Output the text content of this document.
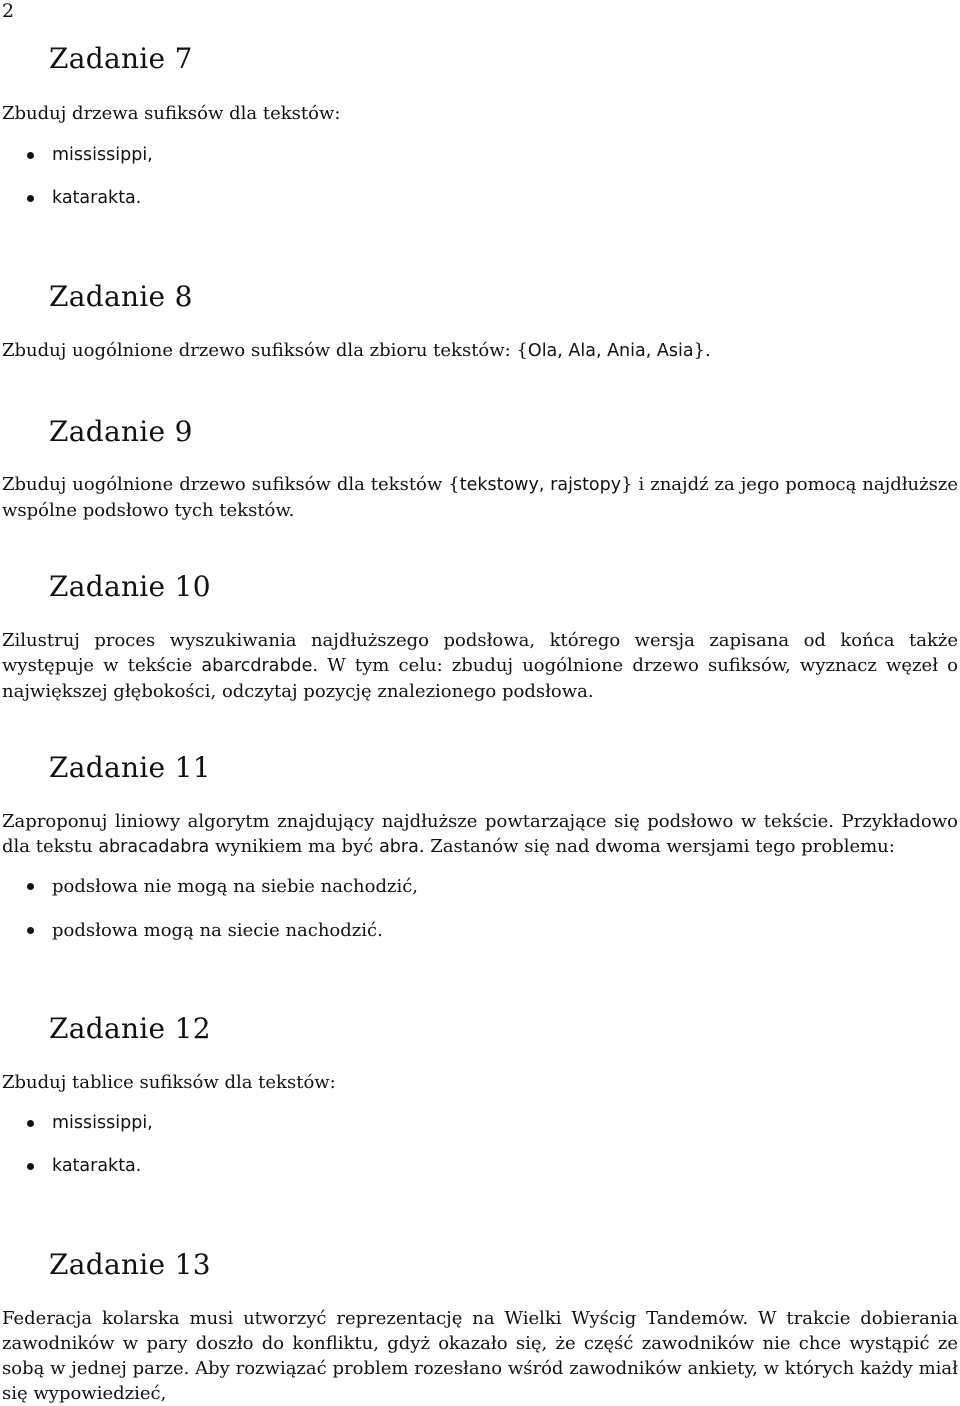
2
Zadanie 7
Zbuduj drzewa sufiksów dla tekstów:
mississippi,
katarakta.
Zadanie 8
Zbuduj uogólnione drzewo sufiksów dla zbioru tekstów: {Ola, Ala, Ania, Asia}.
Zadanie 9
Zbuduj uogólnione drzewo sufiksów dla tekstów {tekstowy, rajstopy} i znajdź za jego pomocą najdłuższe wspólne podsłowo tych tekstów.
Zadanie 10
Zilustruj proces wyszukiwania najdłuższego podsłowa, którego wersja zapisana od końca także występuje w tekście abarcdrabde. W tym celu: zbuduj uogólnione drzewo sufiksów, wyznacz węzeł o największej głębokości, odczytaj pozycję znalezionego podsłowa.
Zadanie 11
Zaproponuj liniowy algorytm znajdujący najdłuższe powtarzające się podsłowo w tekście. Przykładowo dla tekstu abracadabra wynikiem ma być abra. Zastanów się nad dwoma wersjami tego problemu:
podsłowa nie mogą na siebie nachodzić,
podsłowa mogą na siecie nachodzić.
Zadanie 12
Zbuduj tablice sufiksów dla tekstów:
mississippi,
katarakta.
Zadanie 13
Federacja kolarska musi utworzyć reprezentację na Wielki Wyścig Tandemów. W trakcie dobierania zawodników w pary doszło do konfliktu, gdyż okazało się, że część zawodników nie chce wystąpić ze sobą w jednej parze. Aby rozwiązać problem rozesłano wśród zawodników ankiety, w których każdy miał się wypowiedzieć,
